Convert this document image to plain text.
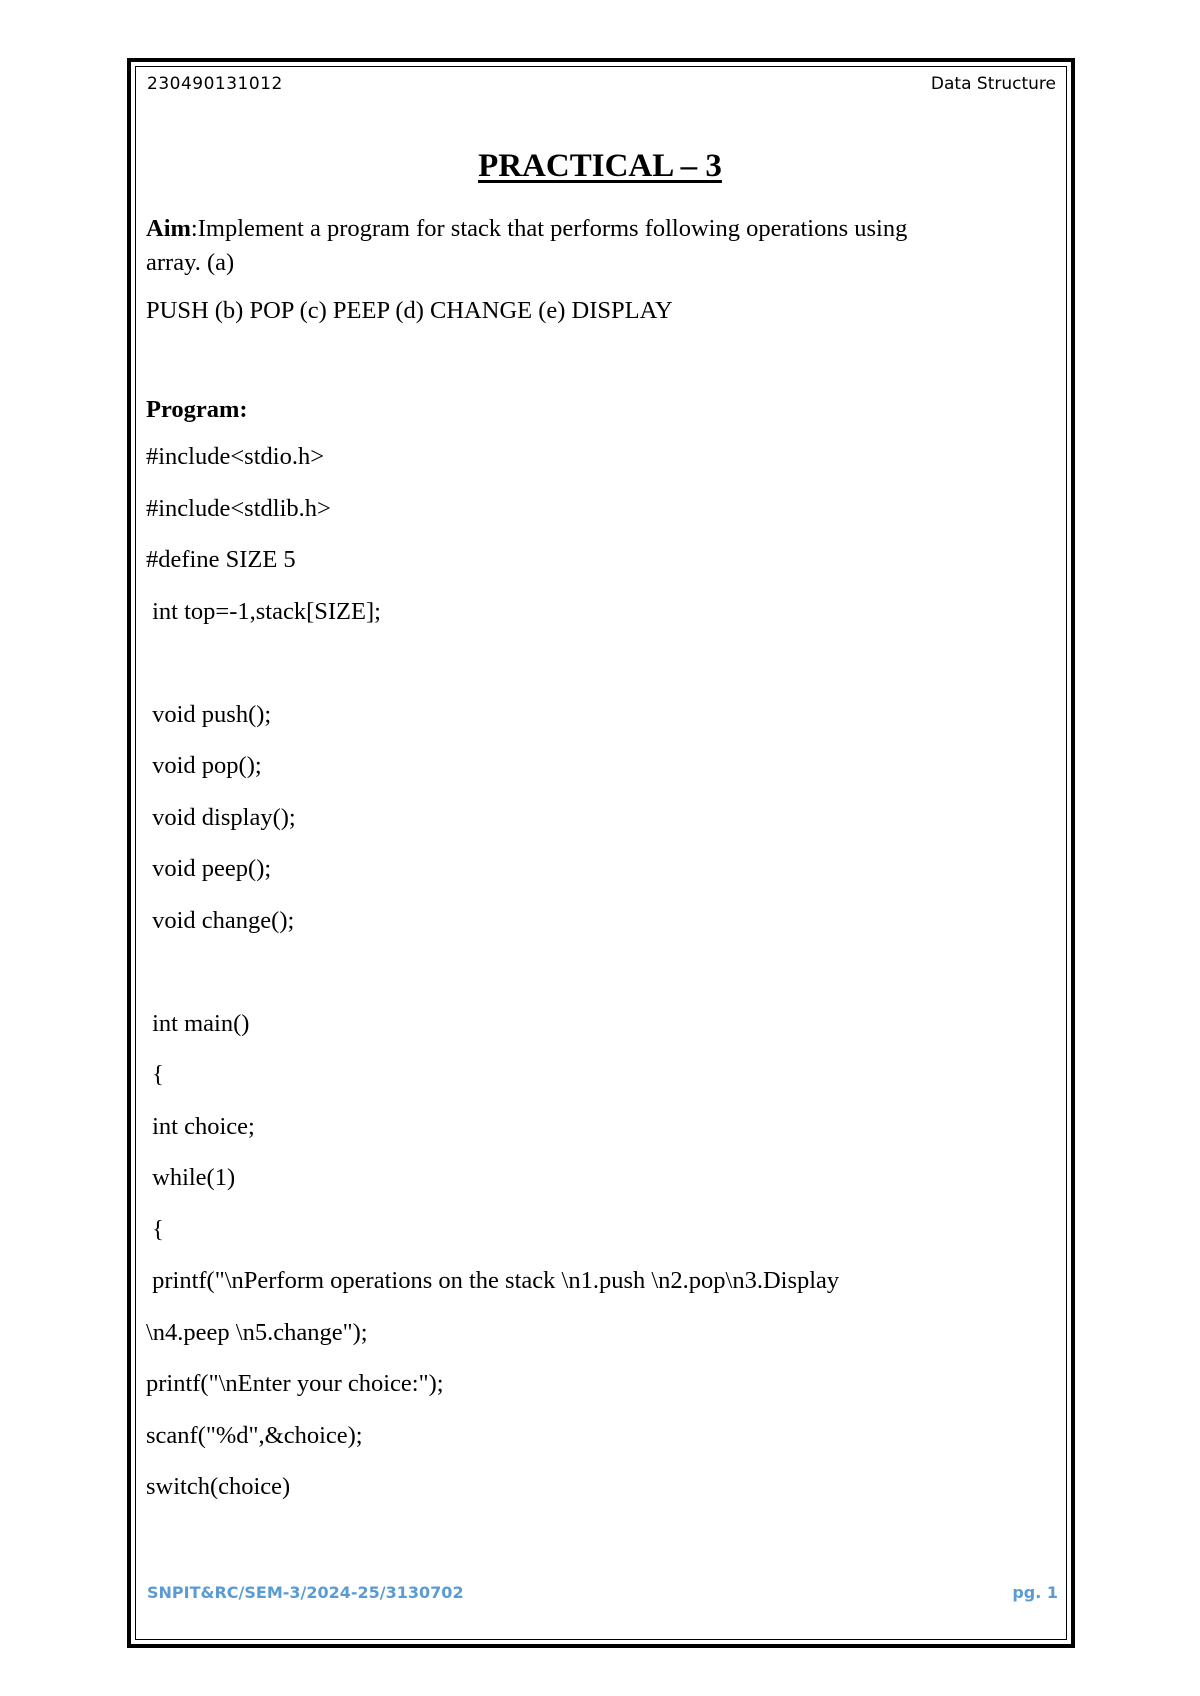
230490131012	Data Structure
PRACTICAL – 3
Aim:Implement a program for stack that performs following operations using
array. (a)
PUSH (b) POP (c) PEEP (d) CHANGE (e) DISPLAY
Program:
#include<stdio.h>
#include<stdlib.h>
#define SIZE 5
int top=-1,stack[SIZE];
void push();
void pop();
void display();
void peep();
void change();
int main()
{
int choice;
while(1)
{
printf("\nPerform operations on the stack \n1.push \n2.pop\n3.Display
\n4.peep \n5.change");
printf("\nEnter your choice:");
scanf("%d",&choice);
switch(choice)
SNPIT&RC/SEM-3/2024-25/3130702	pg. 1
